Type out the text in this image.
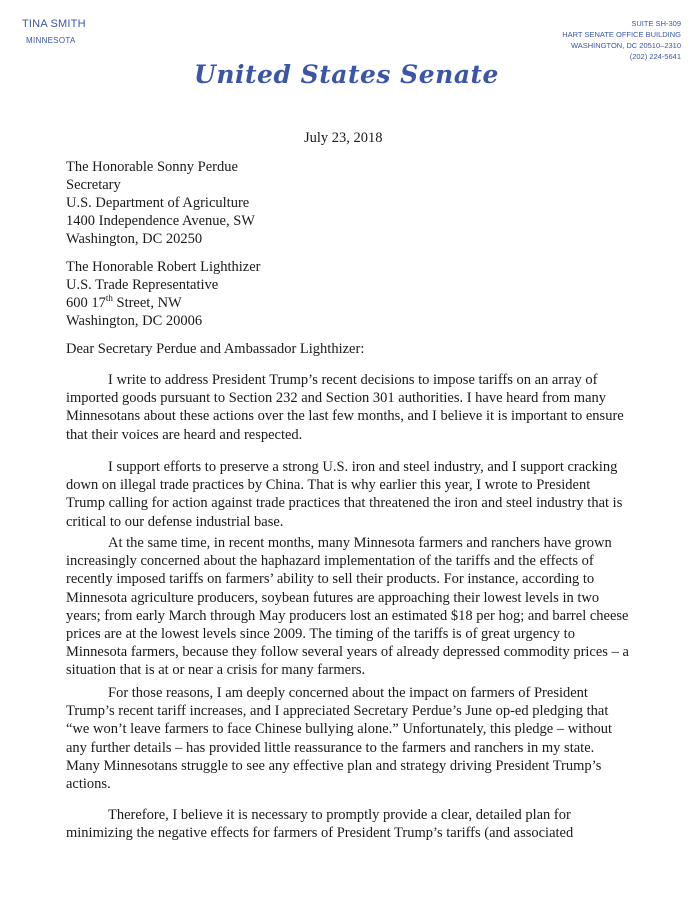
TINA SMITH
MINNESOTA
SUITE SH-309
HART SENATE OFFICE BUILDING
WASHINGTON, DC 20510–2310
(202) 224-5641
United States Senate
July 23, 2018
The Honorable Sonny Perdue
Secretary
U.S. Department of Agriculture
1400 Independence Avenue, SW
Washington, DC 20250
The Honorable Robert Lighthizer
U.S. Trade Representative
600 17th Street, NW
Washington, DC 20006
Dear Secretary Perdue and Ambassador Lighthizer:
I write to address President Trump’s recent decisions to impose tariffs on an array of
imported goods pursuant to Section 232 and Section 301 authorities. I have heard from many
Minnesotans about these actions over the last few months, and I believe it is important to ensure
that their voices are heard and respected.
I support efforts to preserve a strong U.S. iron and steel industry, and I support cracking
down on illegal trade practices by China. That is why earlier this year, I wrote to President
Trump calling for action against trade practices that threatened the iron and steel industry that is
critical to our defense industrial base.
At the same time, in recent months, many Minnesota farmers and ranchers have grown
increasingly concerned about the haphazard implementation of the tariffs and the effects of
recently imposed tariffs on farmers’ ability to sell their products. For instance, according to
Minnesota agriculture producers, soybean futures are approaching their lowest levels in two
years; from early March through May producers lost an estimated $18 per hog; and barrel cheese
prices are at the lowest levels since 2009. The timing of the tariffs is of great urgency to
Minnesota farmers, because they follow several years of already depressed commodity prices – a
situation that is at or near a crisis for many farmers.
For those reasons, I am deeply concerned about the impact on farmers of President
Trump’s recent tariff increases, and I appreciated Secretary Perdue’s June op-ed pledging that
“we won’t leave farmers to face Chinese bullying alone.” Unfortunately, this pledge – without
any further details – has provided little reassurance to the farmers and ranchers in my state.
Many Minnesotans struggle to see any effective plan and strategy driving President Trump’s
actions.
Therefore, I believe it is necessary to promptly provide a clear, detailed plan for
minimizing the negative effects for farmers of President Trump’s tariffs (and associated
